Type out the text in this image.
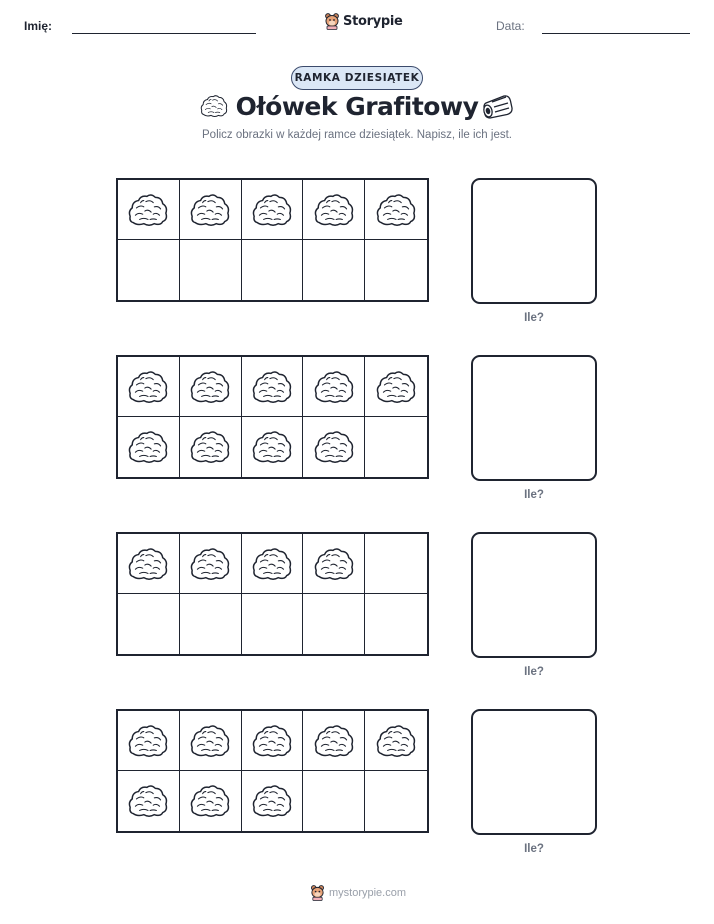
Imię:	Storypie	Data:
RAMKA DZIESIĄTEK
Ołówek Grafitowy
Policz obrazki w każdej ramce dziesiątek. Napisz, ile ich jest.
Ile?
Ile?
Ile?
Ile?
mystorypie.com
